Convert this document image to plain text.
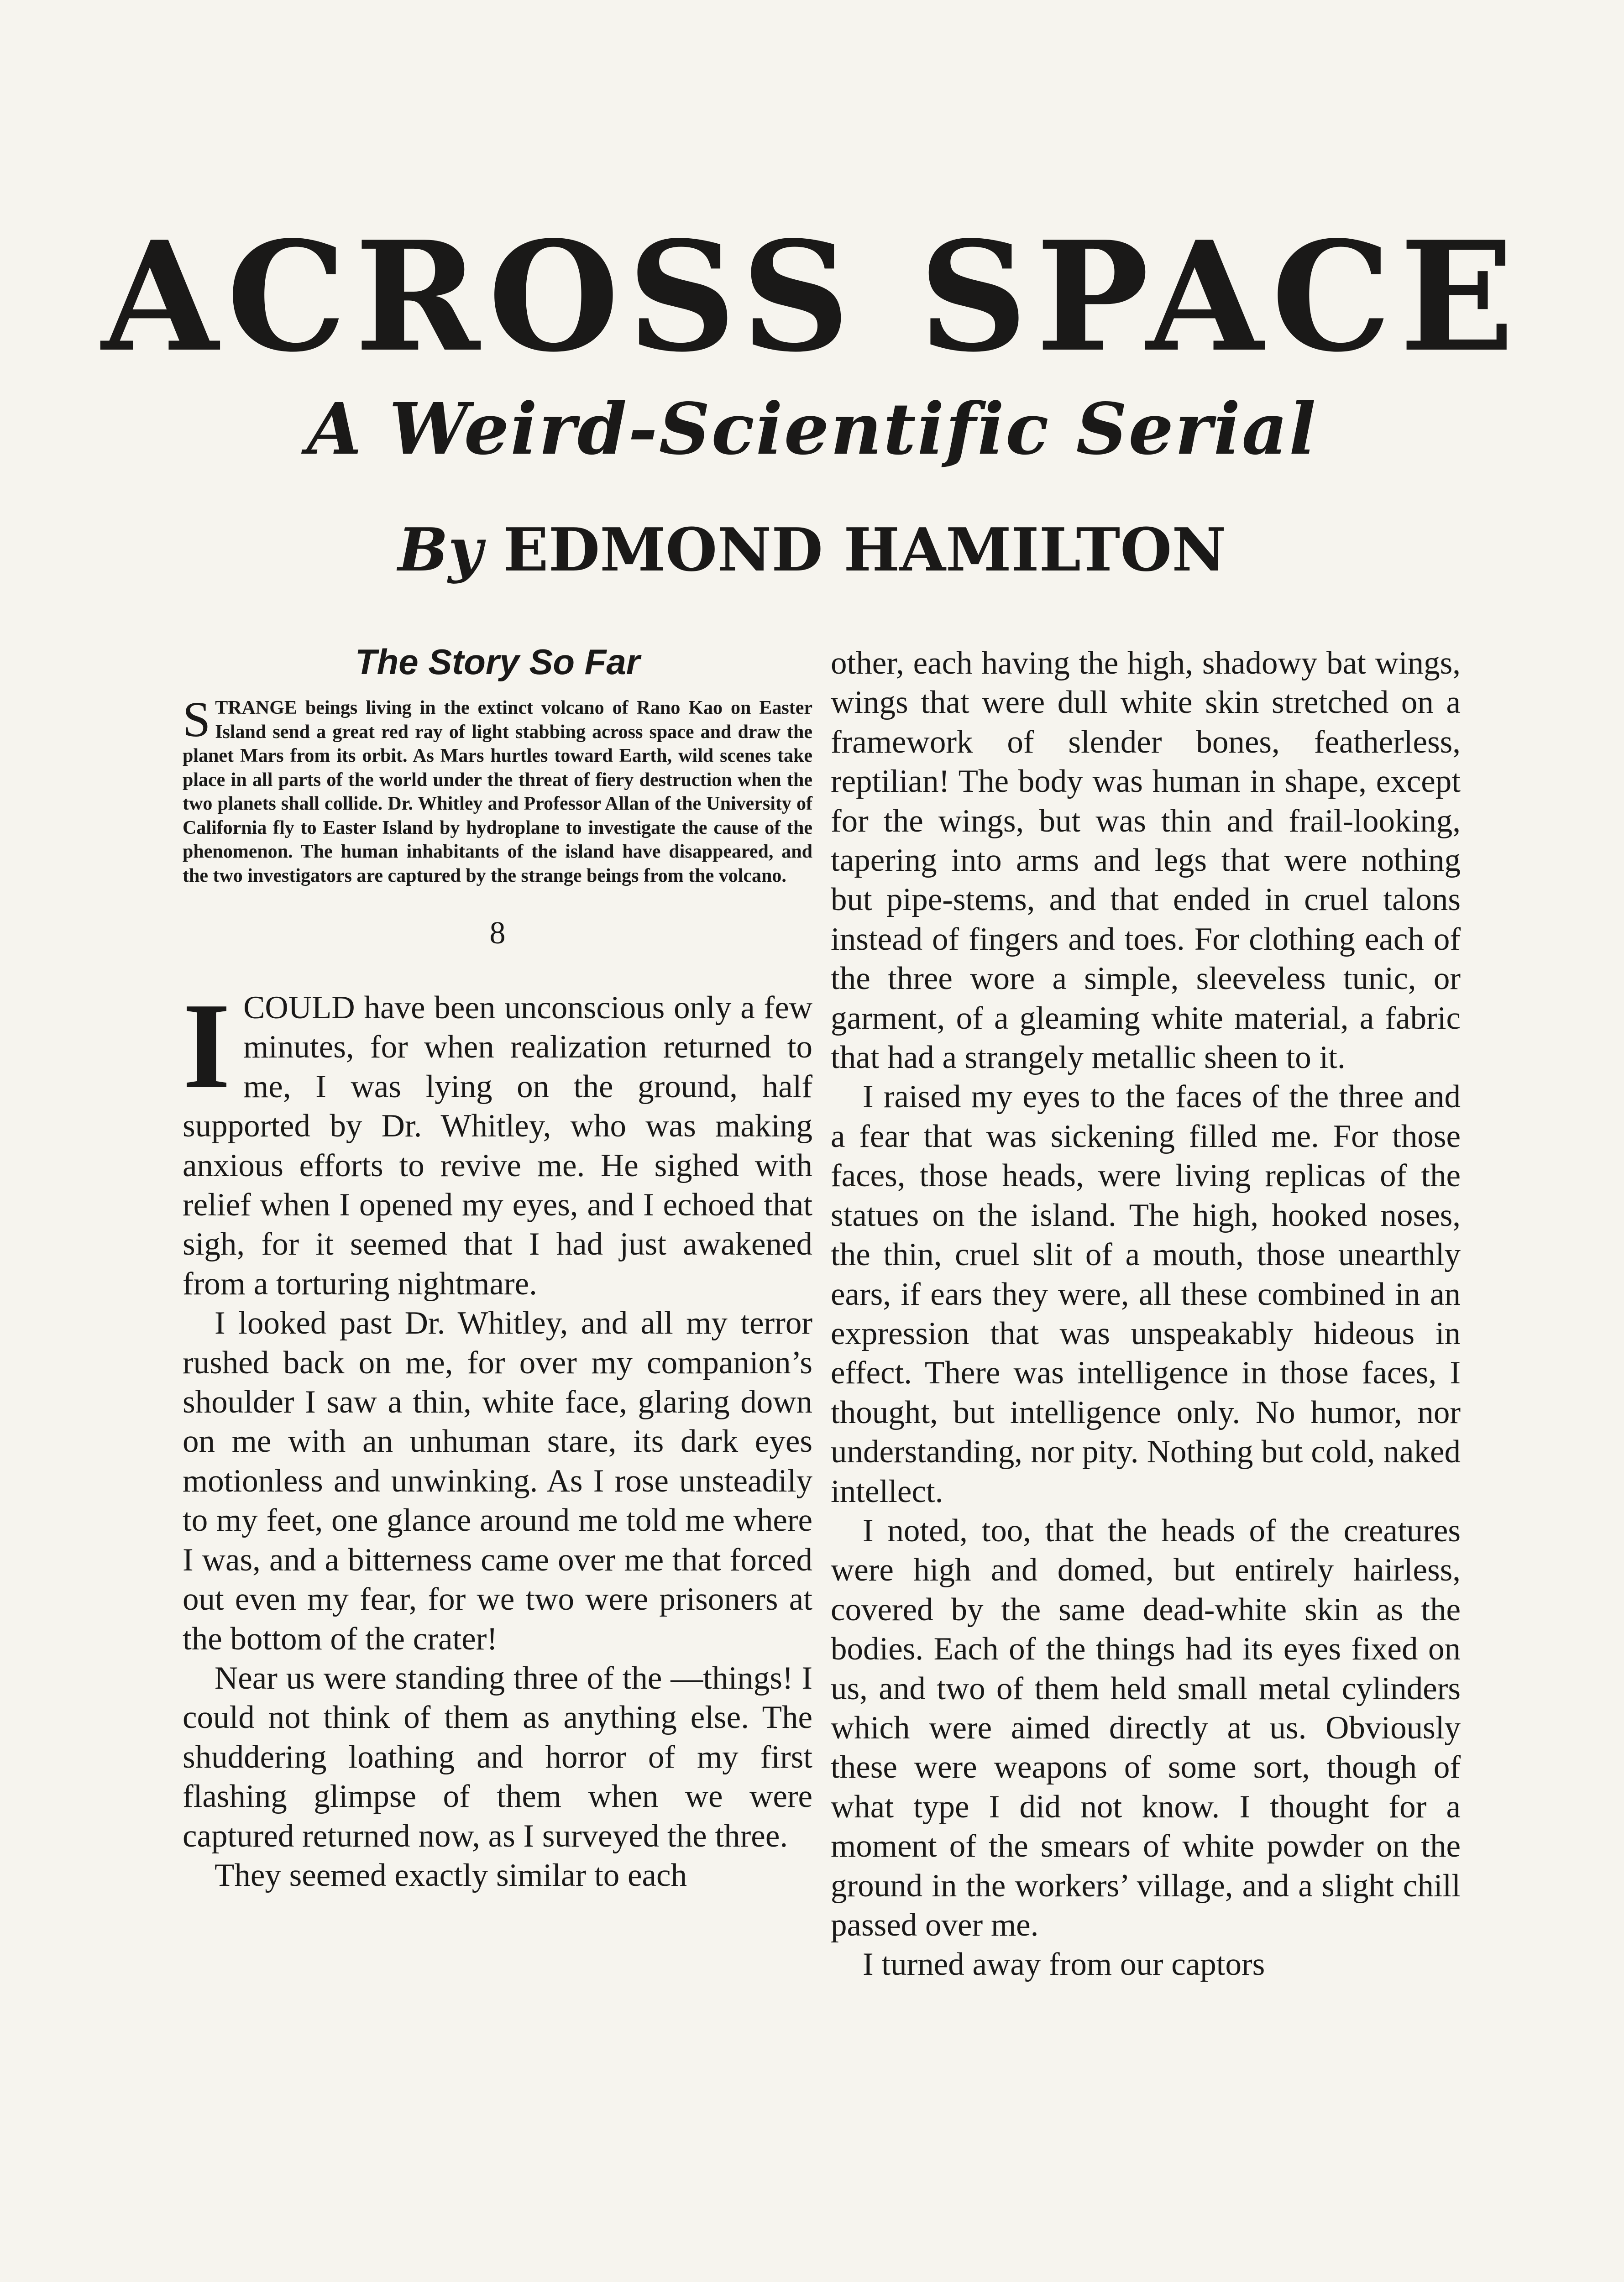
ACROSS SPACE
A Weird-Scientific Serial
By EDMOND HAMILTON
The Story So Far

STRANGE beings living in the extinct volcano of Rano Kao on Easter Island send a great red ray of light stabbing across space and draw the planet Mars from its orbit. As Mars hurtles toward Earth, wild scenes take place in all parts of the world under the threat of fiery destruction when the two planets shall collide. Dr. Whitley and Professor Allan of the University of California fly to Easter Island by hydroplane to investigate the cause of the phenomenon. The human inhabitants of the island have disappeared, and the two investigators are captured by the strange beings from the volcano.

8

ICOULD have been unconscious only a few minutes, for when realization returned to me, I was lying on the ground, half supported by Dr. Whitley, who was making anxious efforts to revive me. He sighed with relief when I opened my eyes, and I echoed that sigh, for it seemed that I had just awakened from a torturing nightmare.

I looked past Dr. Whitley, and all my terror rushed back on me, for over my companion’s shoulder I saw a thin, white face, glaring down on me with an unhuman stare, its dark eyes motionless and unwinking. As I rose unsteadily to my feet, one glance around me told me where I was, and a bitterness came over me that forced out even my fear, for we two were prisoners at the bottom of the crater!

Near us were standing three of the —things! I could not think of them as anything else. The shuddering loathing and horror of my first flashing glimpse of them when we were captured returned now, as I surveyed the three.

They seemed exactly similar to each

other, each having the high, shadowy bat wings, wings that were dull white skin stretched on a framework of slender bones, featherless, reptilian! The body was human in shape, except for the wings, but was thin and frail-looking, tapering into arms and legs that were nothing but pipe-stems, and that ended in cruel talons instead of fingers and toes. For clothing each of the three wore a simple, sleeveless tunic, or garment, of a gleaming white material, a fabric that had a strangely metallic sheen to it.

I raised my eyes to the faces of the three and a fear that was sickening filled me. For those faces, those heads, were living replicas of the statues on the island. The high, hooked noses, the thin, cruel slit of a mouth, those unearthly ears, if ears they were, all these combined in an expression that was unspeakably hideous in effect. There was intelligence in those faces, I thought, but intelligence only. No humor, nor understanding, nor pity. Nothing but cold, naked intellect.

I noted, too, that the heads of the creatures were high and domed, but entirely hairless, covered by the same dead-white skin as the bodies. Each of the things had its eyes fixed on us, and two of them held small metal cylinders which were aimed directly at us. Obviously these were weapons of some sort, though of what type I did not know. I thought for a moment of the smears of white powder on the ground in the workers’ village, and a slight chill passed over me.

I turned away from our captors
